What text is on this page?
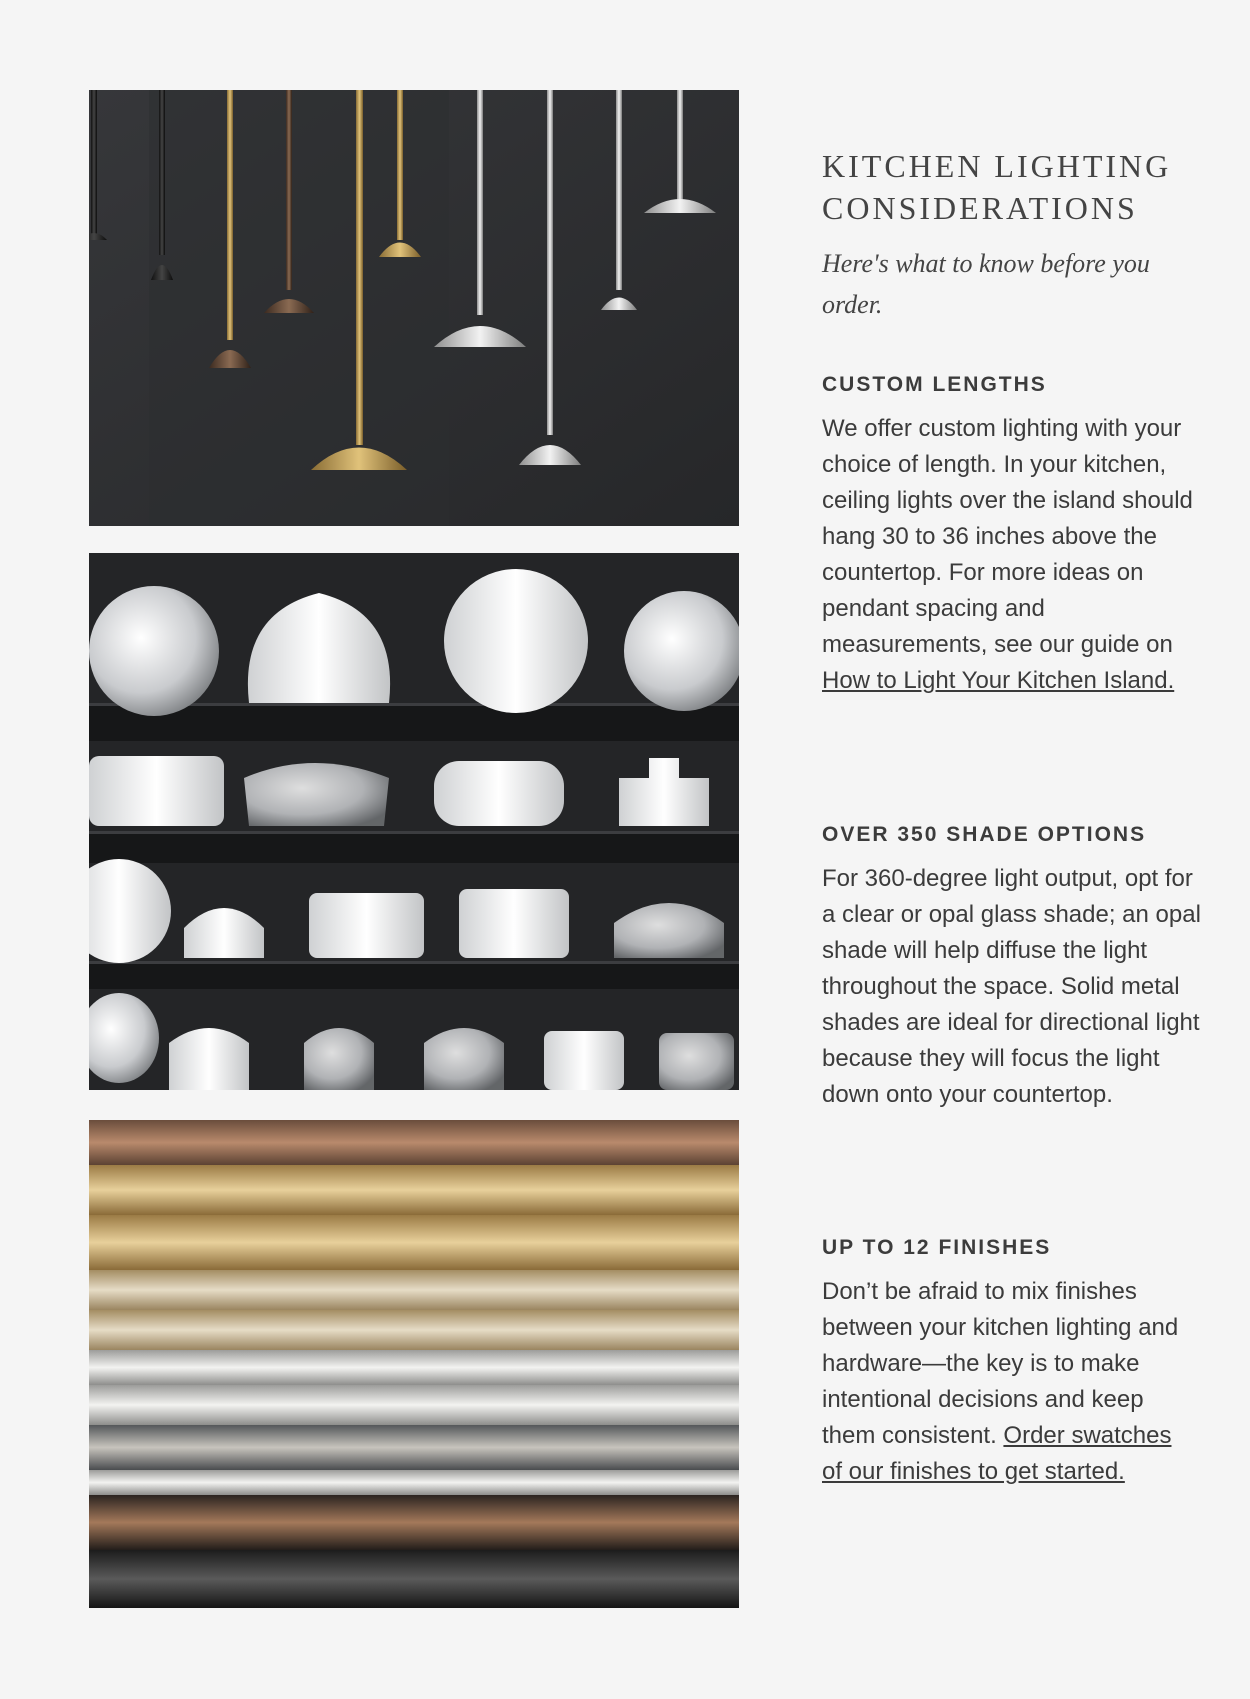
KITCHEN LIGHTING

CONSIDERATIONS

Here's what to know before you order.

CUSTOM LENGTHS

We offer custom lighting with your choice of length. In your kitchen, ceiling lights over the island should hang 30 to 36 inches above the countertop. For more ideas on pendant spacing and measurements, see our guide on How to Light Your Kitchen Island.

OVER 350 SHADE OPTIONS

For 360-degree light output, opt for a clear or opal glass shade; an opal shade will help diffuse the light throughout the space. Solid metal shades are ideal for directional light because they will focus the light down onto your countertop.

UP TO 12 FINISHES

Don’t be afraid to mix finishes between your kitchen lighting and hardware—the key is to make intentional decisions and keep them consistent. Order swatches of our finishes to get started.
